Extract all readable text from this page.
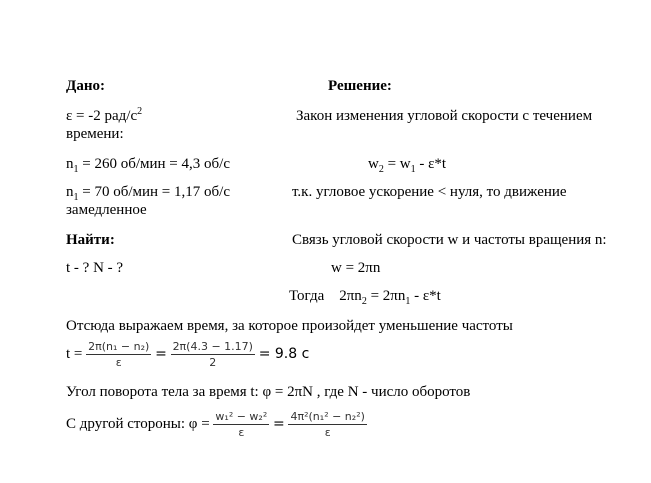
Дано:	Решение:
ε = -2 рад/$с^2$	Закон изменения угловой скорости с течением
времени:
$n_1 = 260$ об/мин = 4,3 об/с	$w_2 = w_1 - \varepsilon*t$
$n_1 = 70$ об/мин = 1,17 об/с	т.к. угловое ускорение < нуля, то движение
замедленное
Найти:	Связь угловой скорости w и частоты вращения n:
t - ? N - ?	w = 2πn
Тогда $2\pi n_2 = 2\pi n_1 - \varepsilon*t$
Отсюда выражаем время, за которое произойдет уменьшение частоты
$t = \frac{\text{2π(n₁ − n₂)}}{\varepsilon} = \frac{2\pi(4.3 - 1.17)}{2} = 9.8$ с
Угол поворота тела за время t: φ = 2πN , где N - число оборотов
С другой стороны: $\varphi = \frac{\text{w₁² − w₂²}}{\varepsilon} = \frac{\text{4π²(n₁² − n₂²)}}{\varepsilon}$
